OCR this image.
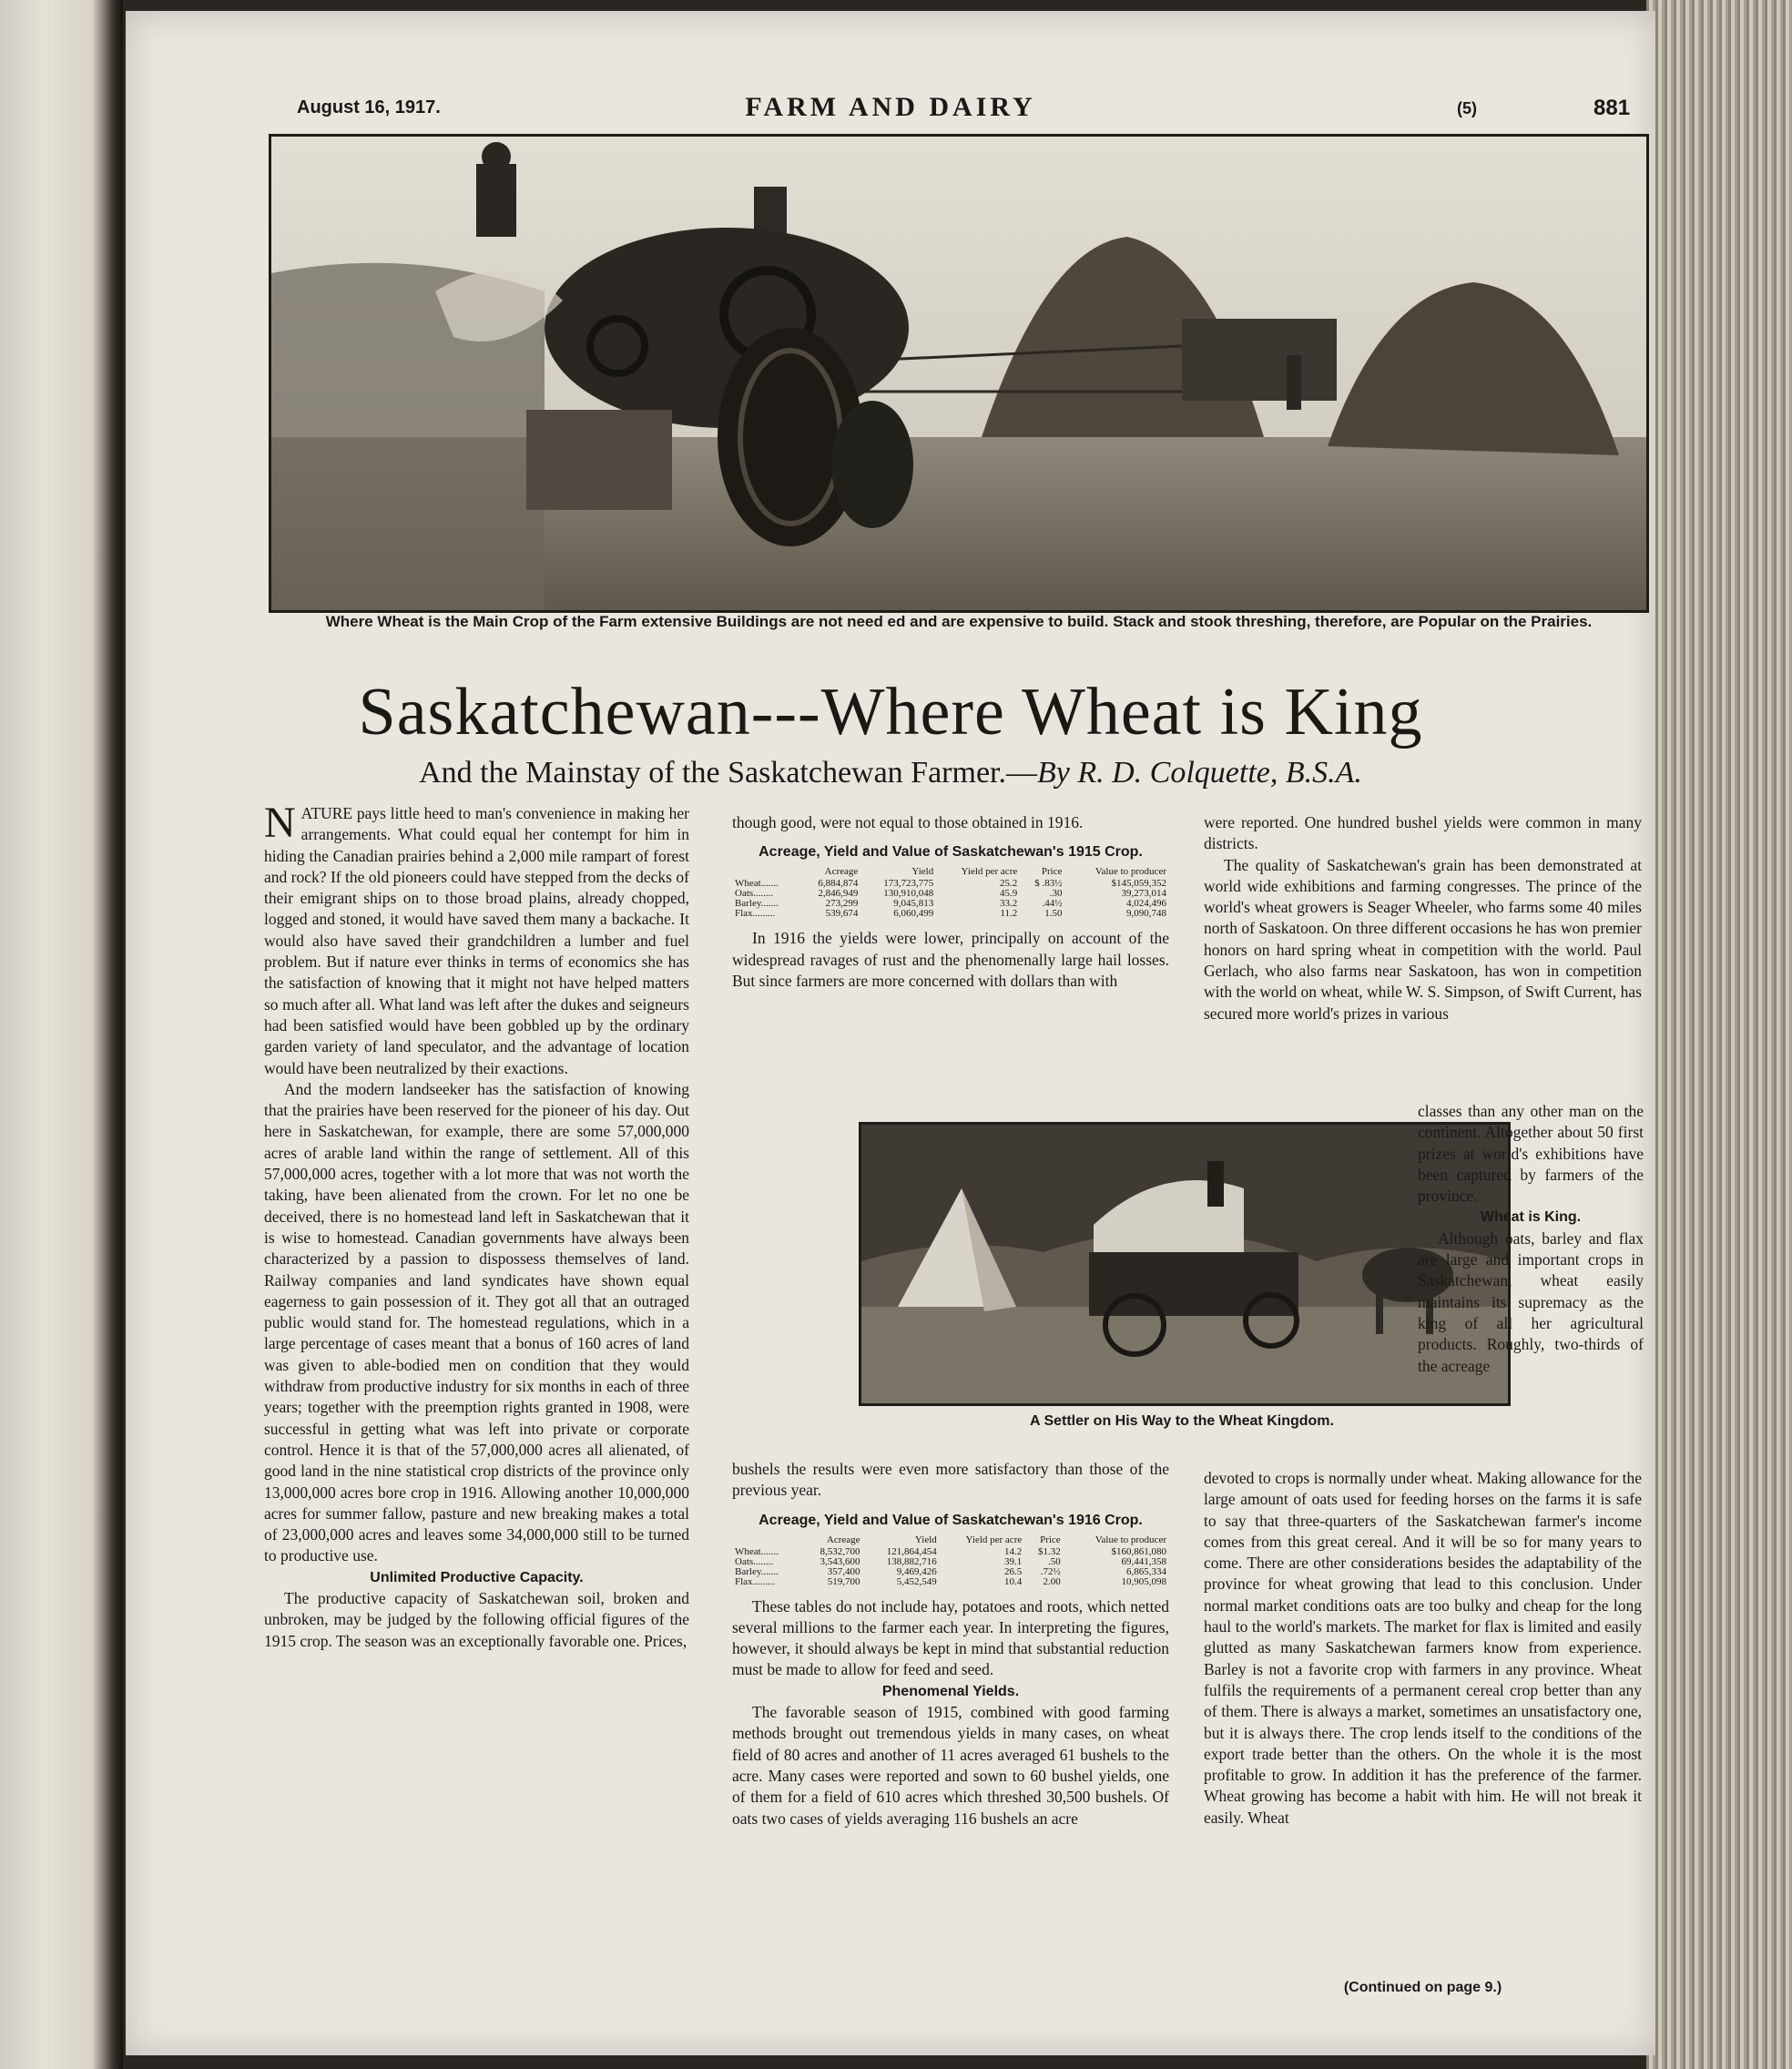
August 16, 1917.	FARM AND DAIRY	(5)	881
Where Wheat is the Main Crop of the Farm extensive Buildings are not need ed and are expensive to build. Stack and stook threshing, therefore, are Popular on the Prairies.
Saskatchewan---Where Wheat is King
And the Mainstay of the Saskatchewan Farmer.—By R. D. Colquette, B.S.A.

NATURE pays little heed to man's convenience in making her arrangements. What could equal her contempt for him in hiding the Canadian prairies behind a 2,000 mile rampart of forest and rock? If the old pioneers could have stepped from the decks of their emigrant ships on to those broad plains, already chopped, logged and stoned, it would have saved them many a backache. It would also have saved their grandchildren a lumber and fuel problem. But if nature ever thinks in terms of economics she has the satisfaction of knowing that it might not have helped matters so much after all. What land was left after the dukes and seigneurs had been satisfied would have been gobbled up by the ordinary garden variety of land speculator, and the advantage of location would have been neutralized by their exactions.

And the modern landseeker has the satisfaction of knowing that the prairies have been reserved for the pioneer of his day. Out here in Saskatchewan, for example, there are some 57,000,000 acres of arable land within the range of settlement. All of this 57,000,000 acres, together with a lot more that was not worth the taking, have been alienated from the crown. For let no one be deceived, there is no homestead land left in Saskatchewan that it is wise to homestead. Canadian governments have always been characterized by a passion to dispossess themselves of land. Railway companies and land syndicates have shown equal eagerness to gain possession of it. They got all that an outraged public would stand for. The homestead regulations, which in a large percentage of cases meant that a bonus of 160 acres of land was given to able-bodied men on condition that they would withdraw from productive industry for six months in each of three years; together with the preemption rights granted in 1908, were successful in getting what was left into private or corporate control. Hence it is that of the 57,000,000 acres all alienated, of good land in the nine statistical crop districts of the province only 13,000,000 acres bore crop in 1916. Allowing another 10,000,000 acres for summer fallow, pasture and new breaking makes a total of 23,000,000 acres and leaves some 34,000,000 still to be turned to productive use.

Unlimited Productive Capacity.

The productive capacity of Saskatchewan soil, broken and unbroken, may be judged by the following official figures of the 1915 crop. The season was an exceptionally favorable one. Prices,

though good, were not equal to those obtained in 1916.

Acreage, Yield and Value of Saskatchewan's 1915 Crop.
	Acreage	Yield	Yield per acre	Price	Value to producer
Wheat.......	6,884,874	173,723,775	25.2	$ .83½	$145,059,352
Oats........	2,846,949	130,910,048	45.9	.30	39,273,014
Barley.......	273,299	9,045,813	33.2	.44½	4,024,496
Flax.........	539,674	6,060,499	11.2	1.50	9,090,748

In 1916 the yields were lower, principally on account of the widespread ravages of rust and the phenomenally large hail losses. But since farmers are more concerned with dollars than with

A Settler on His Way to the Wheat Kingdom.

bushels the results were even more satisfactory than those of the previous year.

Acreage, Yield and Value of Saskatchewan's 1916 Crop.
	Acreage	Yield	Yield per acre	Price	Value to producer
Wheat.......	8,532,700	121,864,454	14.2	$1.32	$160,861,080
Oats........	3,543,600	138,882,716	39.1	.50	69,441,358
Barley.......	357,400	9,469,426	26.5	.72½	6,865,334
Flax.........	519,700	5,452,549	10.4	2.00	10,905,098

These tables do not include hay, potatoes and roots, which netted several millions to the farmer each year. In interpreting the figures, however, it should always be kept in mind that substantial reduction must be made to allow for feed and seed.

Phenomenal Yields.

The favorable season of 1915, combined with good farming methods brought out tremendous yields in many cases, on wheat field of 80 acres and another of 11 acres averaged 61 bushels to the acre. Many cases were reported and sown to 60 bushel yields, one of them for a field of 610 acres which threshed 30,500 bushels. Of oats two cases of yields averaging 116 bushels an acre

were reported. One hundred bushel yields were common in many districts.

The quality of Saskatchewan's grain has been demonstrated at world wide exhibitions and farming congresses. The prince of the world's wheat growers is Seager Wheeler, who farms some 40 miles north of Saskatoon. On three different occasions he has won premier honors on hard spring wheat in competition with the world. Paul Gerlach, who also farms near Saskatoon, has won in competition with the world on wheat, while W. S. Simpson, of Swift Current, has secured more world's prizes in various

classes than any other man on the continent. Altogether about 50 first prizes at world's exhibitions have been captured by farmers of the province.

Wheat is King.

Although oats, barley and flax are large and important crops in Saskatchewan, wheat easily maintains its supremacy as the king of all her agricultural products. Roughly, two-thirds of the acreage

devoted to crops is normally under wheat. Making allowance for the large amount of oats used for feeding horses on the farms it is safe to say that three-quarters of the Saskatchewan farmer's income comes from this great cereal. And it will be so for many years to come. There are other considerations besides the adaptability of the province for wheat growing that lead to this conclusion. Under normal market conditions oats are too bulky and cheap for the long haul to the world's markets. The market for flax is limited and easily glutted as many Saskatchewan farmers know from experience. Barley is not a favorite crop with farmers in any province. Wheat fulfils the requirements of a permanent cereal crop better than any of them. There is always a market, sometimes an unsatisfactory one, but it is always there. The crop lends itself to the conditions of the export trade better than the others. On the whole it is the most profitable to grow. In addition it has the preference of the farmer. Wheat growing has become a habit with him. He will not break it easily. Wheat

(Continued on page 9.)
